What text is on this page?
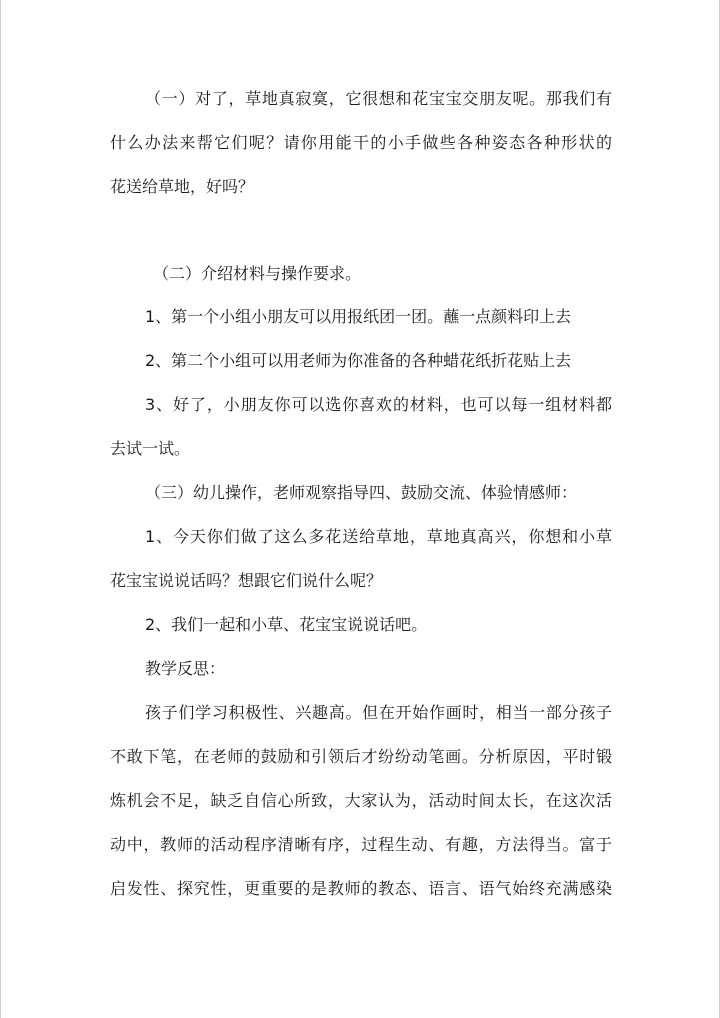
（一）对了，草地真寂寞，它很想和花宝宝交朋友呢。那我们有
什么办法来帮它们呢？请你用能干的小手做些各种姿态各种形状的
花送给草地，好吗？
（二）介绍材料与操作要求。
1、第一个小组小朋友可以用报纸团一团。蘸一点颜料印上去
2、第二个小组可以用老师为你准备的各种蜡花纸折花贴上去
3、好了，小朋友你可以选你喜欢的材料，也可以每一组材料都
去试一试。
（三）幼儿操作，老师观察指导四、鼓励交流、体验情感师：
1、今天你们做了这么多花送给草地，草地真高兴，你想和小草
花宝宝说说话吗？想跟它们说什么呢？
2、我们一起和小草、花宝宝说说话吧。
教学反思：
孩子们学习积极性、兴趣高。但在开始作画时，相当一部分孩子
不敢下笔，在老师的鼓励和引领后才纷纷动笔画。分析原因，平时锻
炼机会不足，缺乏自信心所致，大家认为，活动时间太长，在这次活
动中，教师的活动程序清晰有序，过程生动、有趣，方法得当。富于
启发性、探究性，更重要的是教师的教态、语言、语气始终充满感染
